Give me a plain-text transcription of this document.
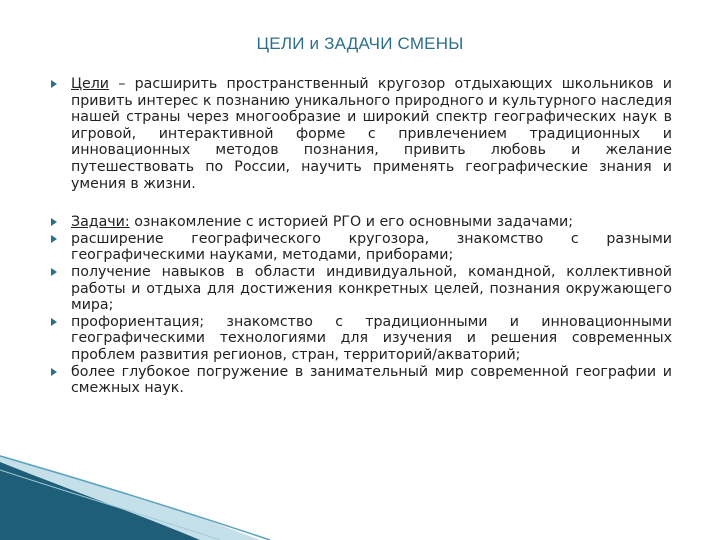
ЦЕЛИ и ЗАДАЧИ СМЕНЫ
Цели – расширить пространственный кругозор отдыхающих школьников и привить интерес к познанию уникального природного и культурного наследия нашей страны через многообразие и широкий спектр географических наук в игровой, интерактивной форме с привлечением традиционных и инновационных методов познания, привить любовь и желание путешествовать по России, научить применять географические знания и умения в жизни.
Задачи: ознакомление с историей РГО и его основными задачами;
расширение географического кругозора, знакомство с разными географическими науками, методами, приборами;
получение навыков в области индивидуальной, командной, коллективной работы и отдыха для достижения конкретных целей, познания окружающего мира;
профориентация; знакомство с традиционными и инновационными географическими технологиями для изучения и решения современных проблем развития регионов, стран, территорий/акваторий;
более глубокое погружение в занимательный мир современной географии и смежных наук.
